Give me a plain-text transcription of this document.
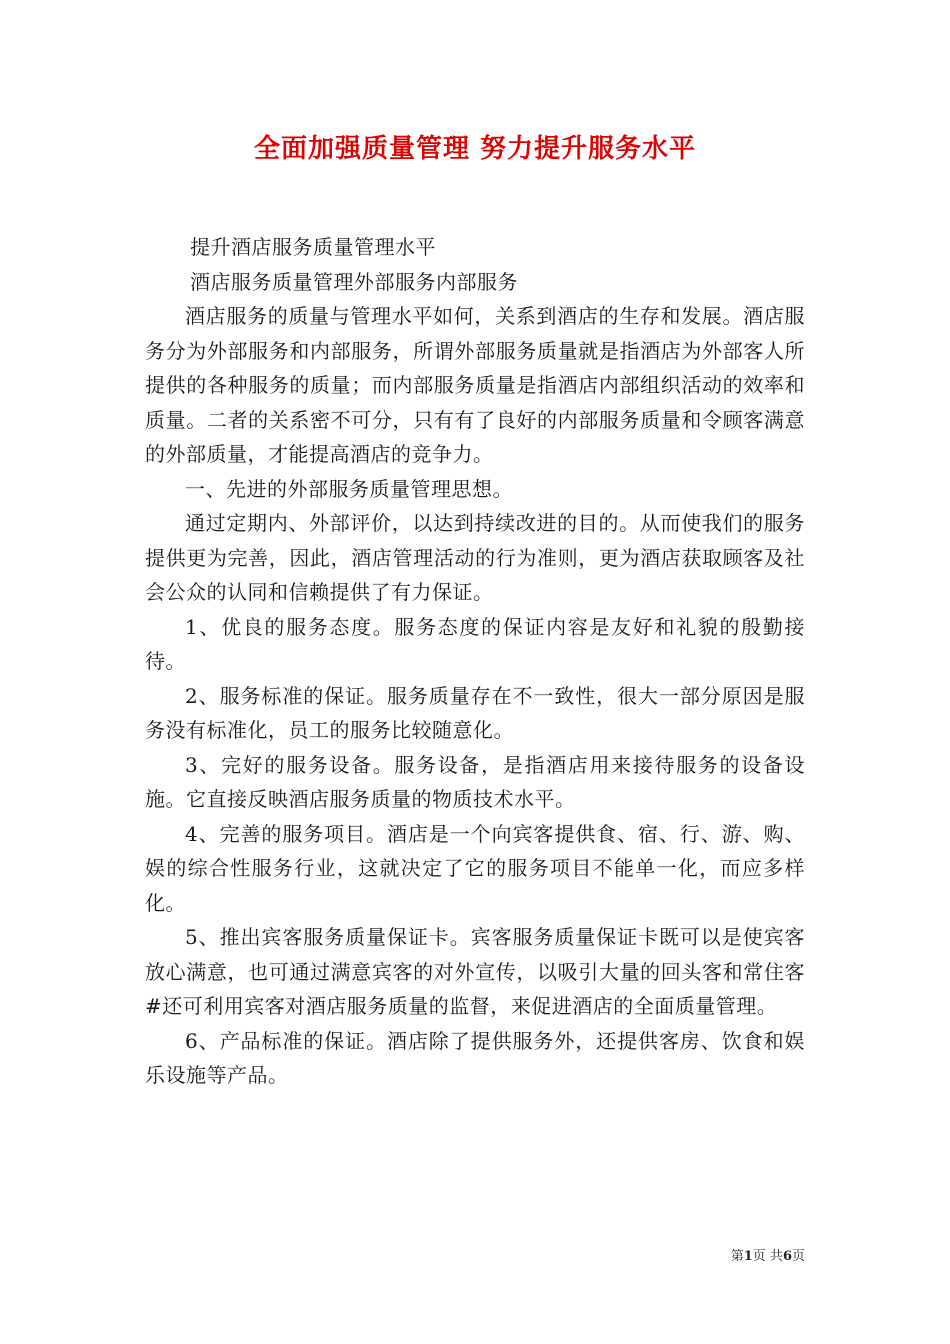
全面加强质量管理 努力提升服务水平

提升酒店服务质量管理水平

酒店服务质量管理外部服务内部服务

酒店服务的质量与管理水平如何，关系到酒店的生存和发展。酒店服务分为外部服务和内部服务，所谓外部服务质量就是指酒店为外部客人所提供的各种服务的质量；而内部服务质量是指酒店内部组织活动的效率和质量。二者的关系密不可分，只有有了良好的内部服务质量和令顾客满意的外部质量，才能提高酒店的竞争力。

一、先进的外部服务质量管理思想。

通过定期内、外部评价，以达到持续改进的目的。从而使我们的服务提供更为完善，因此，酒店管理活动的行为准则，更为酒店获取顾客及社会公众的认同和信赖提供了有力保证。

1、优良的服务态度。服务态度的保证内容是友好和礼貌的殷勤接待。

2、服务标准的保证。服务质量存在不一致性，很大一部分原因是服务没有标准化，员工的服务比较随意化。

3、完好的服务设备。服务设备，是指酒店用来接待服务的设备设施。它直接反映酒店服务质量的物质技术水平。

4、完善的服务项目。酒店是一个向宾客提供食、宿、行、游、购、娱的综合性服务行业，这就决定了它的服务项目不能单一化，而应多样化。

5、推出宾客服务质量保证卡。宾客服务质量保证卡既可以是使宾客放心满意，也可通过满意宾客的对外宣传，以吸引大量的回头客和常住客#还可利用宾客对酒店服务质量的监督，来促进酒店的全面质量管理。

6、产品标准的保证。酒店除了提供服务外，还提供客房、饮食和娱乐设施等产品。

第1页 共6页
